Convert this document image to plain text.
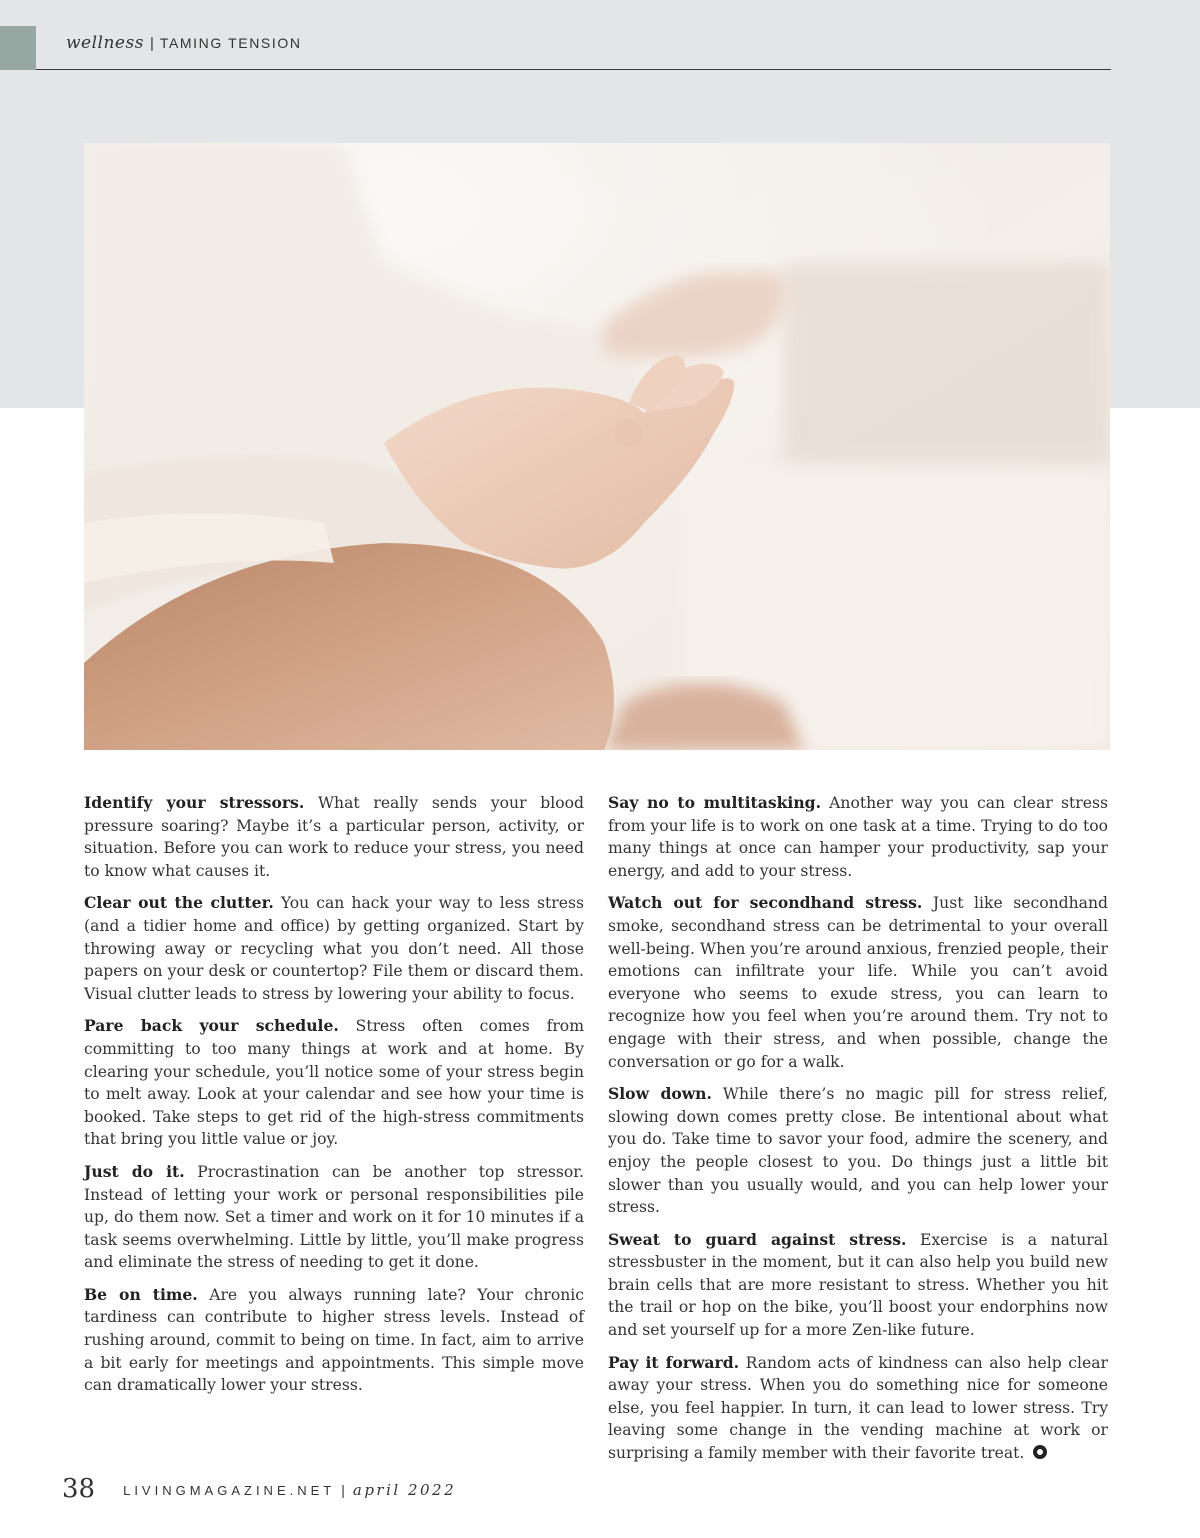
wellness | TAMING TENSION

Identify your stressors. What really sends your blood pressure soaring? Maybe it’s a particular person, activity, or situation. Before you can work to reduce your stress, you need to know what causes it.

Clear out the clutter. You can hack your way to less stress (and a tidier home and office) by getting organized. Start by throwing away or recycling what you don’t need. All those papers on your desk or countertop? File them or discard them. Visual clutter leads to stress by lowering your ability to focus.

Pare back your schedule. Stress often comes from committing to too many things at work and at home. By clearing your schedule, you’ll notice some of your stress begin to melt away. Look at your calendar and see how your time is booked. Take steps to get rid of the high-stress commitments that bring you little value or joy.

Just do it. Procrastination can be another top stressor. Instead of letting your work or personal responsibilities pile up, do them now. Set a timer and work on it for 10 minutes if a task seems overwhelming. Little by little, you’ll make progress and eliminate the stress of needing to get it done.

Be on time. Are you always running late? Your chronic tardiness can contribute to higher stress levels. Instead of rushing around, commit to being on time. In fact, aim to arrive a bit early for meetings and appointments. This simple move can dramatically lower your stress.

Say no to multitasking. Another way you can clear stress from your life is to work on one task at a time. Trying to do too many things at once can hamper your productivity, sap your energy, and add to your stress.

Watch out for secondhand stress. Just like secondhand smoke, secondhand stress can be detrimental to your overall well-being. When you’re around anxious, frenzied people, their emotions can infiltrate your life. While you can’t avoid everyone who seems to exude stress, you can learn to recognize how you feel when you’re around them. Try not to engage with their stress, and when possible, change the conversation or go for a walk.

Slow down. While there’s no magic pill for stress relief, slowing down comes pretty close. Be intentional about what you do. Take time to savor your food, admire the scenery, and enjoy the people closest to you. Do things just a little bit slower than you usually would, and you can help lower your stress.

Sweat to guard against stress. Exercise is a natural stressbuster in the moment, but it can also help you build new brain cells that are more resistant to stress. Whether you hit the trail or hop on the bike, you’ll boost your endorphins now and set yourself up for a more Zen-like future.

Pay it forward. Random acts of kindness can also help clear away your stress. When you do something nice for someone else, you feel happier. In turn, it can lead to lower stress. Try leaving some change in the vending machine at work or surprising a family member with their favorite treat.

38 LIVINGMAGAZINE.NET | april 2022
